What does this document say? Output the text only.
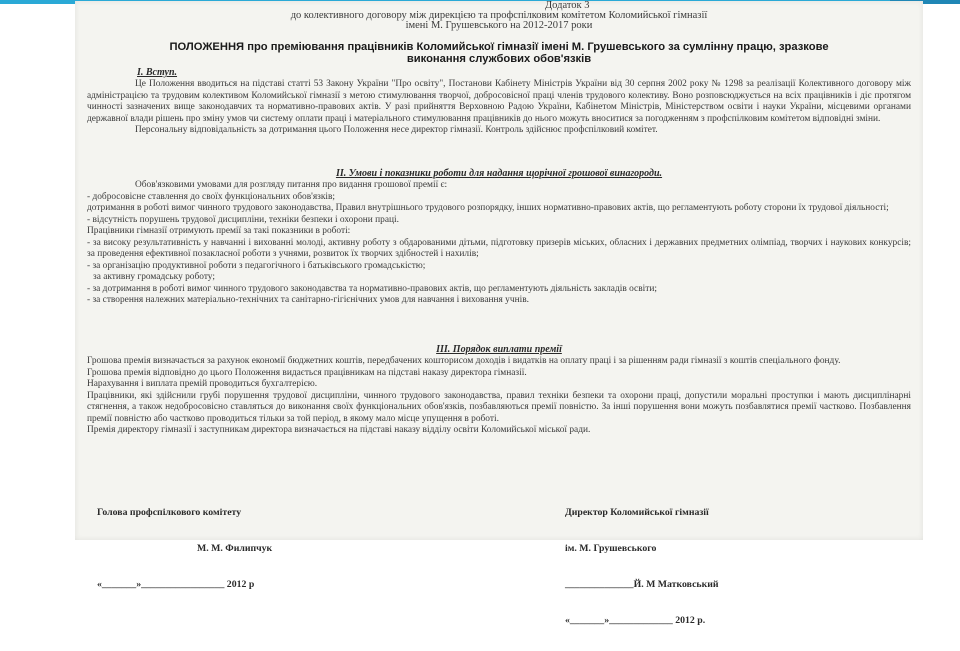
Додаток 3
до колективного договору між дирекцією та профспілковим комітетом Коломийської гімназії
імені М. Грушевського на 2012-2017 роки
ПОЛОЖЕННЯ про преміювання працівників Коломийської гімназії імені М. Грушевського за сумлінну працю, зразкове
виконання службових обов'язків
І. Вступ.
Це Положення вводиться на підставі статті 53 Закону України "Про освіту", Постанови Кабінету Міністрів України від 30 серпня 2002 року № 1298 за реалізації Колективного договору між адміністрацією та трудовим колективом Коломийської гімназії з метою стимулювання творчої, добросовісної праці членів трудового колективу. Воно розповсюджується на всіх працівників і діє протягом чинності зазначених вище законодавчих та нормативно-правових актів. У разі прийняття Верховною Радою України, Кабінетом Міністрів, Міністерством освіти і науки України, місцевими органами державної влади рішень про зміну умов чи систему оплати праці і матеріального стимулювання працівників до нього можуть вноситися за погодженням з профспілковим комітетом відповідні зміни.
Персональну відповідальність за дотримання цього Положення несе директор гімназії. Контроль здійснює профспілковий комітет.
ІІ. Умови і показники роботи для надання щорічної грошової винагороди.
Обов'язковими умовами для розгляду питання про видання грошової премії є:
- добросовісне ставлення до своїх функціональних обов'язків;
дотримання в роботі вимог чинного трудового законодавства, Правил внутрішнього трудового розпорядку, інших нормативно-правових актів, що регламентують роботу сторони їх трудової діяльності;
- відсутність порушень трудової дисципліни, техніки безпеки і охорони праці.
Працівники гімназії отримують премії за такі показники в роботі:
- за високу результативність у навчанні і вихованні молоді, активну роботу з обдарованими дітьми, підготовку призерів міських, обласних і державних предметних олімпіад, творчих і наукових конкурсів; за проведення ефективної позакласної роботи з учнями, розвиток їх творчих здібностей і нахилів;
- за організацію продуктивної роботи з педагогічного і батьківського громадськістю;
за активну громадську роботу;
- за дотримання в роботі вимог чинного трудового законодавства та нормативно-правових актів, що регламентують діяльність закладів освіти;
- за створення належних матеріально-технічних та санітарно-гігієнічних умов для навчання і виховання учнів.
ІІІ. Порядок виплати премії
Грошова премія визначається за рахунок економії бюджетних коштів, передбачених кошторисом доходів і видатків на оплату праці і за рішенням ради гімназії з коштів спеціального фонду.
Грошова премія відповідно до цього Положення видається працівникам на підставі наказу директора гімназії.
Нарахування і виплата премій проводиться бухгалтерією.
Працівники, які здійснили грубі порушення трудової дисципліни, чинного трудового законодавства, правил техніки безпеки та охорони праці, допустили моральні проступки і мають дисциплінарні стягнення, а також недобросовісно ставляться до виконання своїх функціональних обов'язків, позбавляються премії повністю. За інші порушення вони можуть позбавлятися премії частково. Позбавлення премії повністю або частково проводиться тільки за той період, в якому мало місце упущення в роботі.
Премія директору гімназії і заступникам директора визначається на підставі наказу відділу освіти Коломийської міської ради.

Голова профспілкового комітету

М. М. Филипчук

«_______»_________________ 2012 р

Директор Коломийської гімназії

ім. М. Грушевського

______________Й. М Матковський

«_______»_____________ 2012 р.
